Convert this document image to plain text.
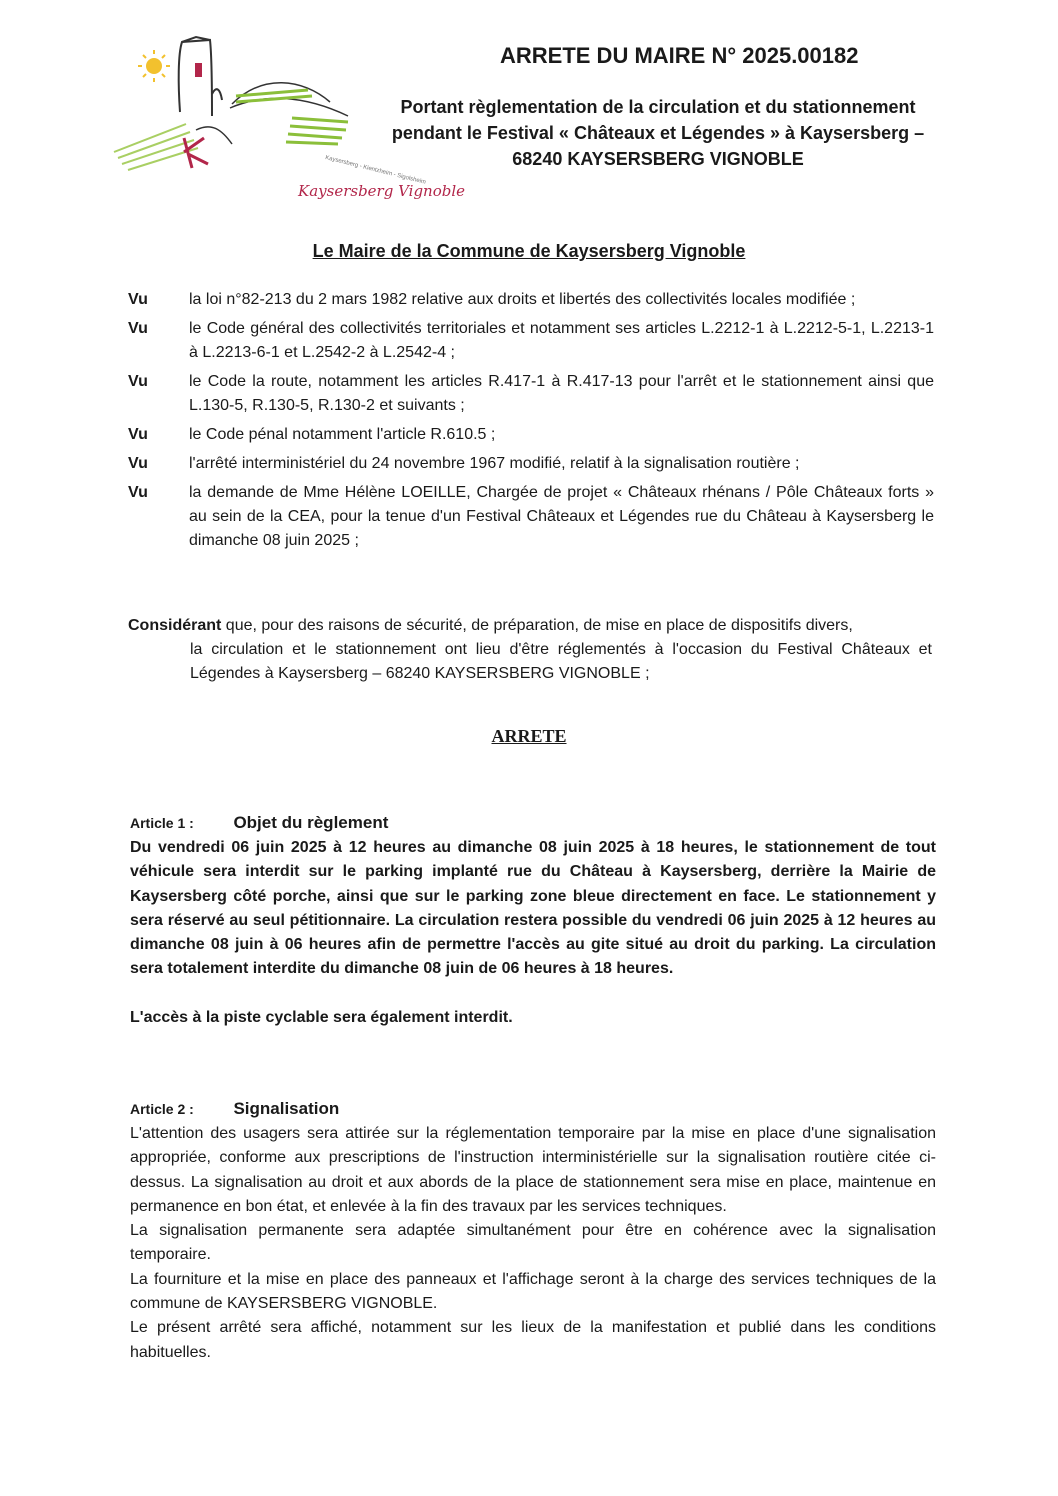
Kaysersberg - Kientzheim - Sigolsheim
Kaysersberg Vignoble
ARRETE DU MAIRE N° 2025.00182
Portant règlementation de la circulation et du stationnement pendant le Festival « Châteaux et Légendes » à Kaysersberg – 68240 KAYSERSBERG VIGNOBLE
Le Maire de la Commune de Kaysersberg Vignoble
Vu	la loi n°82-213 du 2 mars 1982 relative aux droits et libertés des collectivités locales modifiée ;
Vu	le Code général des collectivités territoriales et notamment ses articles L.2212-1 à L.2212-5-1, L.2213-1 à L.2213-6-1 et L.2542-2 à L.2542-4 ;
Vu	le Code la route, notamment les articles R.417-1 à R.417-13 pour l'arrêt et le stationnement ainsi que L.130-5, R.130-5, R.130-2 et suivants ;
Vu	le Code pénal notamment l'article R.610.5 ;
Vu	l'arrêté interministériel du 24 novembre 1967 modifié, relatif à la signalisation routière ;
Vu	la demande de Mme Hélène LOEILLE, Chargée de projet « Châteaux rhénans / Pôle Châteaux forts » au sein de la CEA, pour la tenue d'un Festival Châteaux et Légendes rue du Château à Kaysersberg le dimanche 08 juin 2025 ;
Considérant que, pour des raisons de sécurité, de préparation, de mise en place de dispositifs divers,
la circulation et le stationnement ont lieu d'être réglementés à l'occasion du Festival Châteaux et Légendes à Kaysersberg – 68240 KAYSERSBERG VIGNOBLE ;
ARRETE
Article 1 : Objet du règlement

Du vendredi 06 juin 2025 à 12 heures au dimanche 08 juin 2025 à 18 heures, le stationnement de tout véhicule sera interdit sur le parking implanté rue du Château à Kaysersberg, derrière la Mairie de Kaysersberg côté porche, ainsi que sur le parking zone bleue directement en face. Le stationnement y sera réservé au seul pétitionnaire. La circulation restera possible du vendredi 06 juin 2025 à 12 heures au dimanche 08 juin à 06 heures afin de permettre l'accès au gite situé au droit du parking. La circulation sera totalement interdite du dimanche 08 juin de 06 heures à 18 heures.

L'accès à la piste cyclable sera également interdit.

Article 2 : Signalisation

L'attention des usagers sera attirée sur la réglementation temporaire par la mise en place d'une signalisation appropriée, conforme aux prescriptions de l'instruction interministérielle sur la signalisation routière citée ci-dessus. La signalisation au droit et aux abords de la place de stationnement sera mise en place, maintenue en permanence en bon état, et enlevée à la fin des travaux par les services techniques.

La signalisation permanente sera adaptée simultanément pour être en cohérence avec la signalisation temporaire.

La fourniture et la mise en place des panneaux et l'affichage seront à la charge des services techniques de la commune de KAYSERSBERG VIGNOBLE.

Le présent arrêté sera affiché, notamment sur les lieux de la manifestation et publié dans les conditions habituelles.
